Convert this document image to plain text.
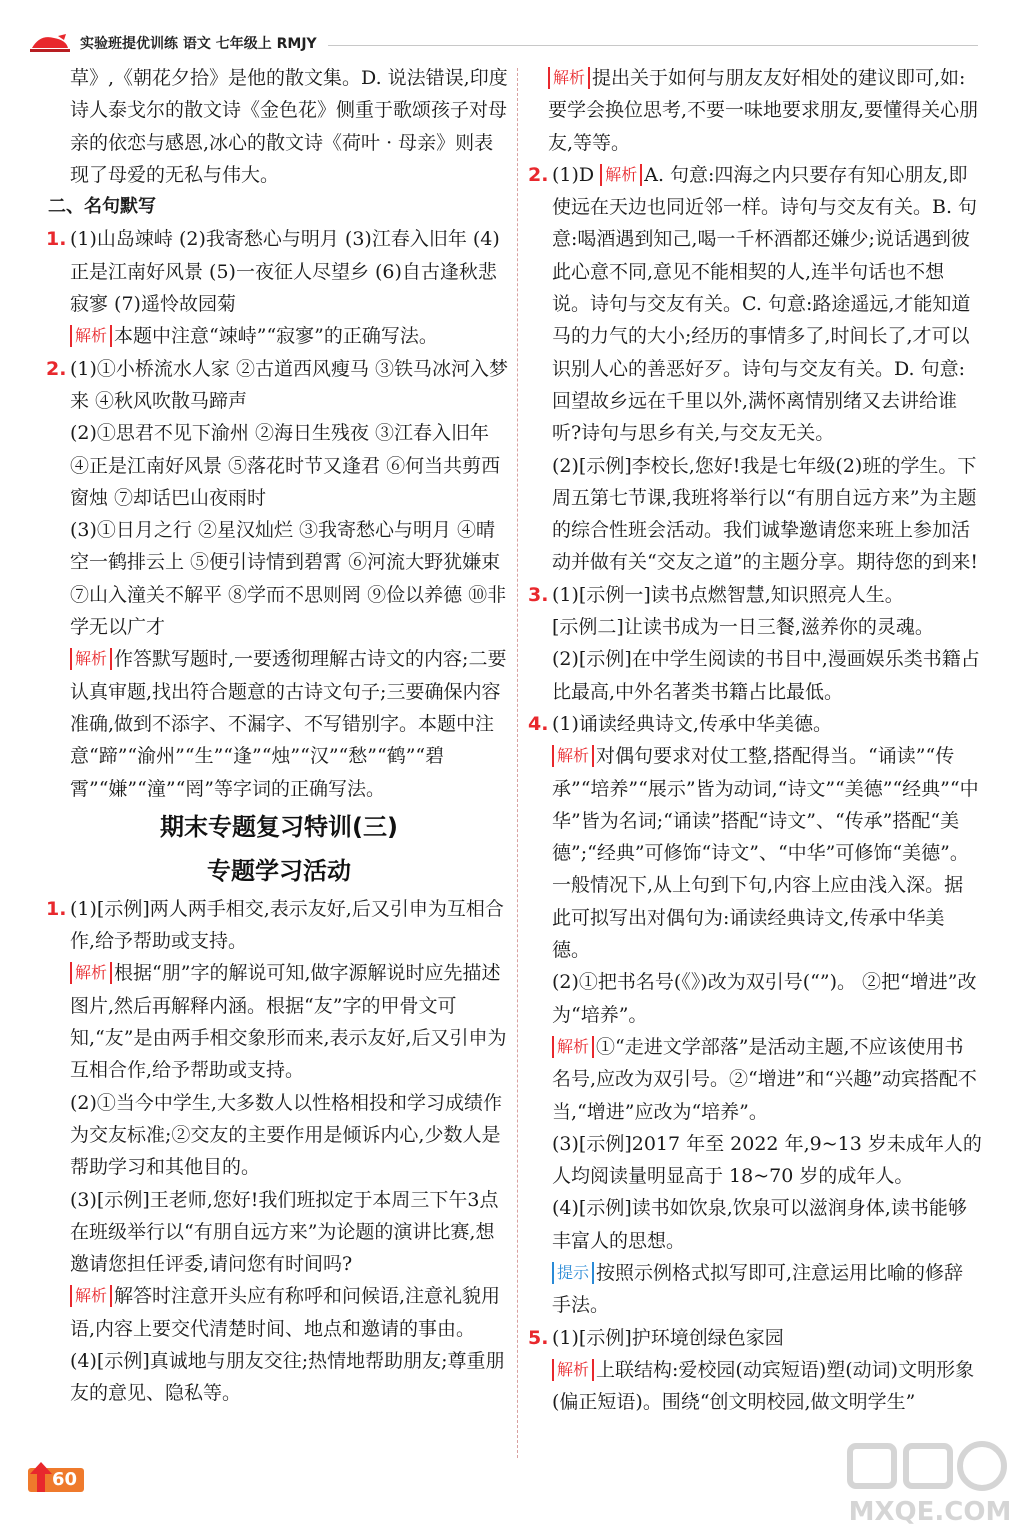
实验班提优训练 语文 七年级上 RMJY

草》,《朝花夕拾》是他的散文集。D. 说法错误,印度诗人泰戈尔的散文诗《金色花》侧重于歌颂孩子对母亲的依恋与感恩,冰心的散文诗《荷叶 · 母亲》则表现了母爱的无私与伟大。

二、名句默写

1. (1)山岛竦峙 (2)我寄愁心与明月 (3)江春入旧年 (4)正是江南好风景 (5)一夜征人尽望乡 (6)自古逢秋悲寂寥 (7)遥怜故园菊

解析 本题中注意“竦峙”“寂寥”的正确写法。

2. (1)①小桥流水人家 ②古道西风瘦马 ③铁马冰河入梦来 ④秋风吹散马蹄声

(2)①思君不见下渝州 ②海日生残夜 ③江春入旧年 ④正是江南好风景 ⑤落花时节又逢君 ⑥何当共剪西窗烛 ⑦却话巴山夜雨时

(3)①日月之行 ②星汉灿烂 ③我寄愁心与明月 ④晴空一鹤排云上 ⑤便引诗情到碧霄 ⑥河流大野犹嫌束 ⑦山入潼关不解平 ⑧学而不思则罔 ⑨俭以养德 ⑩非学无以广才

解析 作答默写题时,一要透彻理解古诗文的内容;二要认真审题,找出符合题意的古诗文句子;三要确保内容准确,做到不添字、不漏字、不写错别字。本题中注意“蹄”“渝州”“生”“逢”“烛”“汉”“愁”“鹤”“碧霄”“嫌”“潼”“罔”等字词的正确写法。

期末专题复习特训(三)
专题学习活动
1. (1)[示例]两人两手相交,表示友好,后又引申为互相合作,给予帮助或支持。

解析 根据“朋”字的解说可知,做字源解说时应先描述图片,然后再解释内涵。根据“友”字的甲骨文可知,“友”是由两手相交象形而来,表示友好,后又引申为互相合作,给予帮助或支持。

(2)①当今中学生,大多数人以性格相投和学习成绩作为交友标准;②交友的主要作用是倾诉内心,少数人是帮助学习和其他目的。

(3)[示例]王老师,您好!我们班拟定于本周三下午3点在班级举行以“有朋自远方来”为论题的演讲比赛,想邀请您担任评委,请问您有时间吗?

解析 解答时注意开头应有称呼和问候语,注意礼貌用语,内容上要交代清楚时间、地点和邀请的事由。

(4)[示例]真诚地与朋友交往;热情地帮助朋友;尊重朋友的意见、隐私等。

解析 提出关于如何与朋友友好相处的建议即可,如:要学会换位思考,不要一味地要求朋友,要懂得关心朋友,等等。

2. (1)D 解析 A. 句意:四海之内只要存有知心朋友,即使远在天边也同近邻一样。诗句与交友有关。B. 句意:喝酒遇到知己,喝一千杯酒都还嫌少;说话遇到彼此心意不同,意见不能相契的人,连半句话也不想说。诗句与交友有关。C. 句意:路途遥远,才能知道马的力气的大小;经历的事情多了,时间长了,才可以识别人心的善恶好歹。诗句与交友有关。D. 句意:回望故乡远在千里以外,满怀离情别绪又去讲给谁听?诗句与思乡有关,与交友无关。

(2)[示例]李校长,您好!我是七年级(2)班的学生。下周五第七节课,我班将举行以“有朋自远方来”为主题的综合性班会活动。我们诚挚邀请您来班上参加活动并做有关“交友之道”的主题分享。期待您的到来!

3. (1)[示例一]读书点燃智慧,知识照亮人生。

[示例二]让读书成为一日三餐,滋养你的灵魂。

(2)[示例]在中学生阅读的书目中,漫画娱乐类书籍占比最高,中外名著类书籍占比最低。

4. (1)诵读经典诗文,传承中华美德。

解析 对偶句要求对仗工整,搭配得当。“诵读”“传承”“培养”“展示”皆为动词,“诗文”“美德”“经典”“中华”皆为名词;“诵读”搭配“诗文”、“传承”搭配“美德”;“经典”可修饰“诗文”、“中华”可修饰“美德”。一般情况下,从上句到下句,内容上应由浅入深。据此可拟写出对偶句为:诵读经典诗文,传承中华美德。

(2)①把书名号(《》)改为双引号(“”)。 ②把“增进”改为“培养”。

解析 ①“走进文学部落”是活动主题,不应该使用书名号,应改为双引号。②“增进”和“兴趣”动宾搭配不当,“增进”应改为“培养”。

(3)[示例]2017 年至 2022 年,9~13 岁未成年人的人均阅读量明显高于 18~70 岁的成年人。

(4)[示例]读书如饮泉,饮泉可以滋润身体,读书能够丰富人的思想。

提示 按照示例格式拟写即可,注意运用比喻的修辞手法。

5. (1)[示例]护环境创绿色家园

解析 上联结构:爱校园(动宾短语)塑(动词)文明形象(偏正短语)。围绕“创文明校园,做文明学生”

60
MXQE.COM
